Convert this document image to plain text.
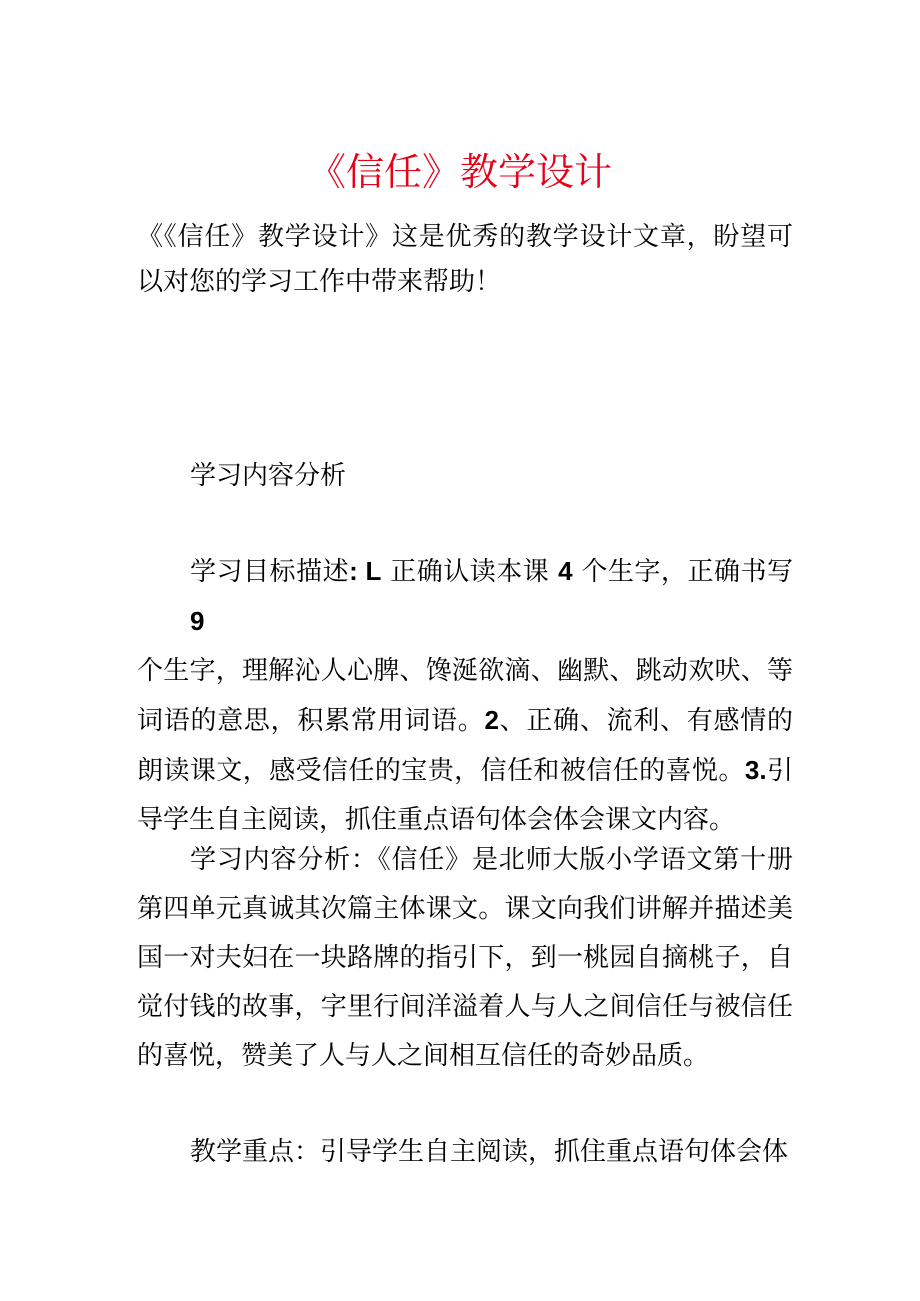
《信任》教学设计
《《信任》教学设计》这是优秀的教学设计文章，盼望可
以对您的学习工作中带来帮助！
学习内容分析
学习目标描述: L 正确认读本课 4 个生字，正确书写 9
个生字，理解沁人心脾、馋涎欲滴、幽默、跳动欢吠、等
词语的意思，积累常用词语。2、正确、流利、有感情的
朗读课文，感受信任的宝贵，信任和被信任的喜悦。3.引
导学生自主阅读，抓住重点语句体会体会课文内容。
学习内容分析：《信任》是北师大版小学语文第十册
第四单元真诚其次篇主体课文。课文向我们讲解并描述美
国一对夫妇在一块路牌的指引下，到一桃园自摘桃子，自
觉付钱的故事，字里行间洋溢着人与人之间信任与被信任
的喜悦，赞美了人与人之间相互信任的奇妙品质。
教学重点：引导学生自主阅读，抓住重点语句体会体
